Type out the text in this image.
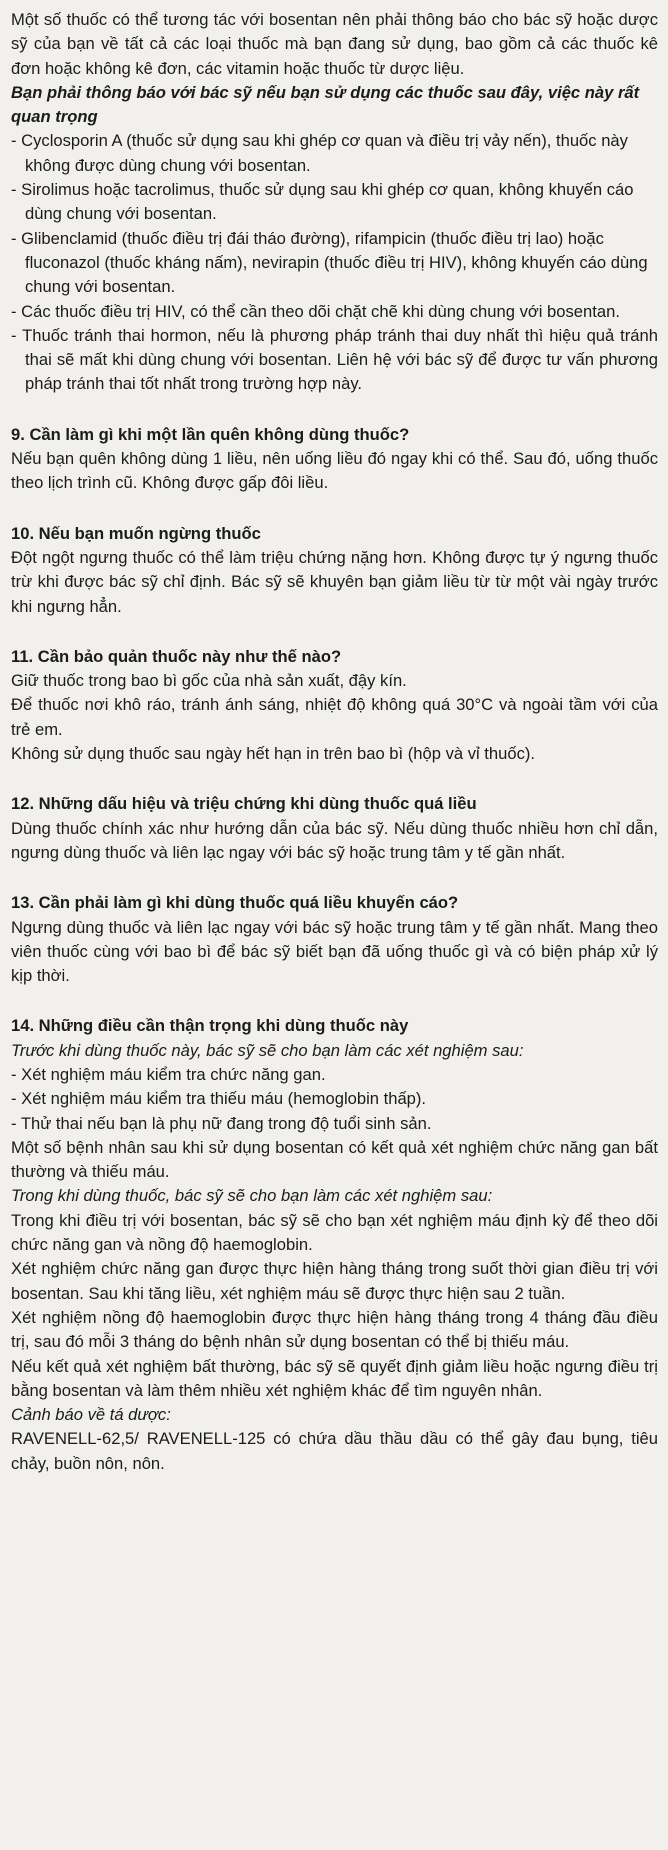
Một số thuốc có thể tương tác với bosentan nên phải thông báo cho bác sỹ hoặc dược sỹ của bạn về tất cả các loại thuốc mà bạn đang sử dụng, bao gồm cả các thuốc kê đơn hoặc không kê đơn, các vitamin hoặc thuốc từ dược liệu.

Bạn phải thông báo với bác sỹ nếu bạn sử dụng các thuốc sau đây, việc này rất quan trọng

- Cyclosporin A (thuốc sử dụng sau khi ghép cơ quan và điều trị vảy nến), thuốc này không được dùng chung với bosentan.

- Sirolimus hoặc tacrolimus, thuốc sử dụng sau khi ghép cơ quan, không khuyến cáo dùng chung với bosentan.

- Glibenclamid (thuốc điều trị đái tháo đường), rifampicin (thuốc điều trị lao) hoặc fluconazol (thuốc kháng nấm), nevirapin (thuốc điều trị HIV), không khuyến cáo dùng chung với bosentan.

- Các thuốc điều trị HIV, có thể cần theo dõi chặt chẽ khi dùng chung với bosentan.

- Thuốc tránh thai hormon, nếu là phương pháp tránh thai duy nhất thì hiệu quả tránh thai sẽ mất khi dùng chung với bosentan. Liên hệ với bác sỹ để được tư vấn phương pháp tránh thai tốt nhất trong trường hợp này.

9. Cần làm gì khi một lần quên không dùng thuốc?

Nếu bạn quên không dùng 1 liều, nên uống liều đó ngay khi có thể. Sau đó, uống thuốc theo lịch trình cũ. Không được gấp đôi liều.

10. Nếu bạn muốn ngừng thuốc

Đột ngột ngưng thuốc có thể làm triệu chứng nặng hơn. Không được tự ý ngưng thuốc trừ khi được bác sỹ chỉ định. Bác sỹ sẽ khuyên bạn giảm liều từ từ một vài ngày trước khi ngưng hẳn.

11. Cần bảo quản thuốc này như thế nào?

Giữ thuốc trong bao bì gốc của nhà sản xuất, đậy kín.

Để thuốc nơi khô ráo, tránh ánh sáng, nhiệt độ không quá 30°C và ngoài tầm với của trẻ em.

Không sử dụng thuốc sau ngày hết hạn in trên bao bì (hộp và vỉ thuốc).

12. Những dấu hiệu và triệu chứng khi dùng thuốc quá liều

Dùng thuốc chính xác như hướng dẫn của bác sỹ. Nếu dùng thuốc nhiều hơn chỉ dẫn, ngưng dùng thuốc và liên lạc ngay với bác sỹ hoặc trung tâm y tế gần nhất.

13. Cần phải làm gì khi dùng thuốc quá liều khuyến cáo?

Ngưng dùng thuốc và liên lạc ngay với bác sỹ hoặc trung tâm y tế gần nhất. Mang theo viên thuốc cùng với bao bì để bác sỹ biết bạn đã uống thuốc gì và có biện pháp xử lý kịp thời.

14. Những điều cần thận trọng khi dùng thuốc này

Trước khi dùng thuốc này, bác sỹ sẽ cho bạn làm các xét nghiệm sau:

- Xét nghiệm máu kiểm tra chức năng gan.

- Xét nghiệm máu kiểm tra thiếu máu (hemoglobin thấp).

- Thử thai nếu bạn là phụ nữ đang trong độ tuổi sinh sản.

Một số bệnh nhân sau khi sử dụng bosentan có kết quả xét nghiệm chức năng gan bất thường và thiếu máu.

Trong khi dùng thuốc, bác sỹ sẽ cho bạn làm các xét nghiệm sau:

Trong khi điều trị với bosentan, bác sỹ sẽ cho bạn xét nghiệm máu định kỳ để theo dõi chức năng gan và nồng độ haemoglobin.

Xét nghiệm chức năng gan được thực hiện hàng tháng trong suốt thời gian điều trị với bosentan. Sau khi tăng liều, xét nghiệm máu sẽ được thực hiện sau 2 tuần.

Xét nghiệm nồng độ haemoglobin được thực hiện hàng tháng trong 4 tháng đầu điều trị, sau đó mỗi 3 tháng do bệnh nhân sử dụng bosentan có thể bị thiếu máu.

Nếu kết quả xét nghiệm bất thường, bác sỹ sẽ quyết định giảm liều hoặc ngưng điều trị bằng bosentan và làm thêm nhiều xét nghiệm khác để tìm nguyên nhân.

Cảnh báo về tá dược:

RAVENELL-62,5/ RAVENELL-125 có chứa dầu thầu dầu có thể gây đau bụng, tiêu chảy, buồn nôn, nôn.
